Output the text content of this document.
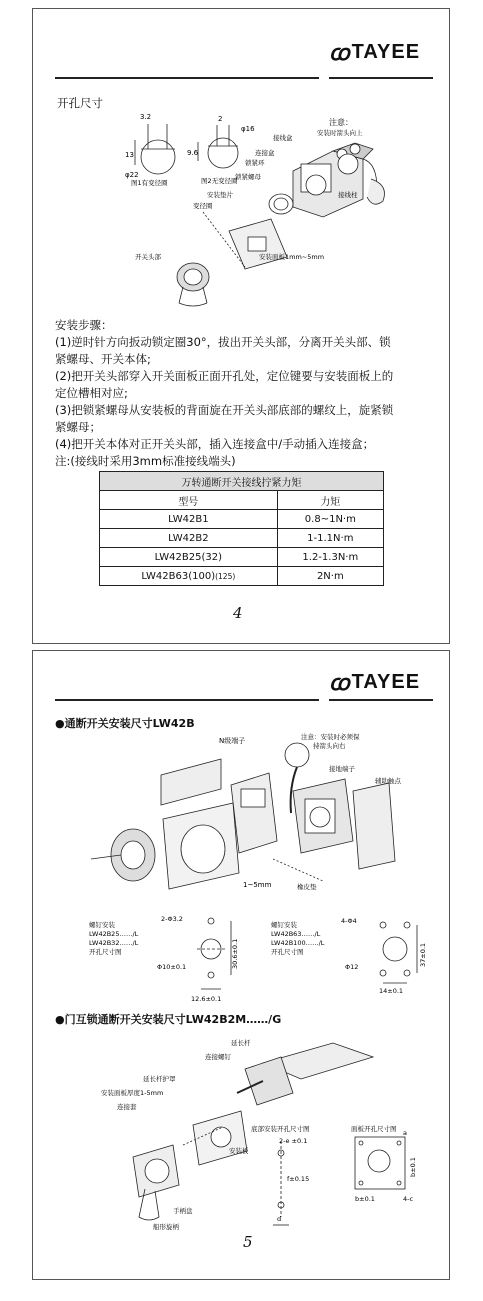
ꭃ TAYEE
开孔尺寸
3.2
13
φ22
2
9.6
φ16
图1有变径圈	图2无变径圈
注意：
安装时箭头向上
接线盒
连接盒
锁紧环
锁紧螺母
接线柱
安装垫片
变径圈
开关头部	安装面板1mm~5mm
安装步骤：
(1)逆时针方向扳动锁定圈30°，拔出开关头部，分离开关头部、锁
紧螺母、开关本体;
(2)把开关头部穿入开关面板正面开孔处，定位键要与安装面板上的
定位槽相对应;
(3)把锁紧螺母从安装板的背面旋在开关头部底部的螺纹上，旋紧锁
紧螺母；
(4)把开关本体对正开关头部，插入连接盒中/手动插入连接盒；
注:(接线时采用3mm标准接线端头)
万转通断开关接线拧紧力矩	
型号	力矩
LW42B1	0.8~1N·m
LW42B2	1-1.1N·m
LW42B25(32)	1.2-1.3N·m
LW42B63(100)(125)	2N·m
4
ꭃ TAYEE
●通断开关安装尺寸LW42B
N级端子	注意：安装时必须保
持箭头向右
接地端子
辅助触点
1~5mm	橡皮垫
螺钉安装
LW42B25……/L
LW42B32……/L
开孔尺寸图
2-Φ3.2
Φ10±0.1	30.6±0.1
12.6±0.1
螺钉安装
LW42B63……/L
LW42B100……/L
开孔尺寸图
4-Φ4
Φ12	37±0.1
14±0.1
●门互锁通断开关安装尺寸LW42B2M……/G
延长杆
连接螺钉
延长杆护罩
安装面板厚度1-5mm
连接套
安装板
手柄盘
船形旋柄
底部安装开孔尺寸图	面板开孔尺寸图
2-e ±0.1
f±0.15
d
a
b±0.1
b±0.1	4-c
5
